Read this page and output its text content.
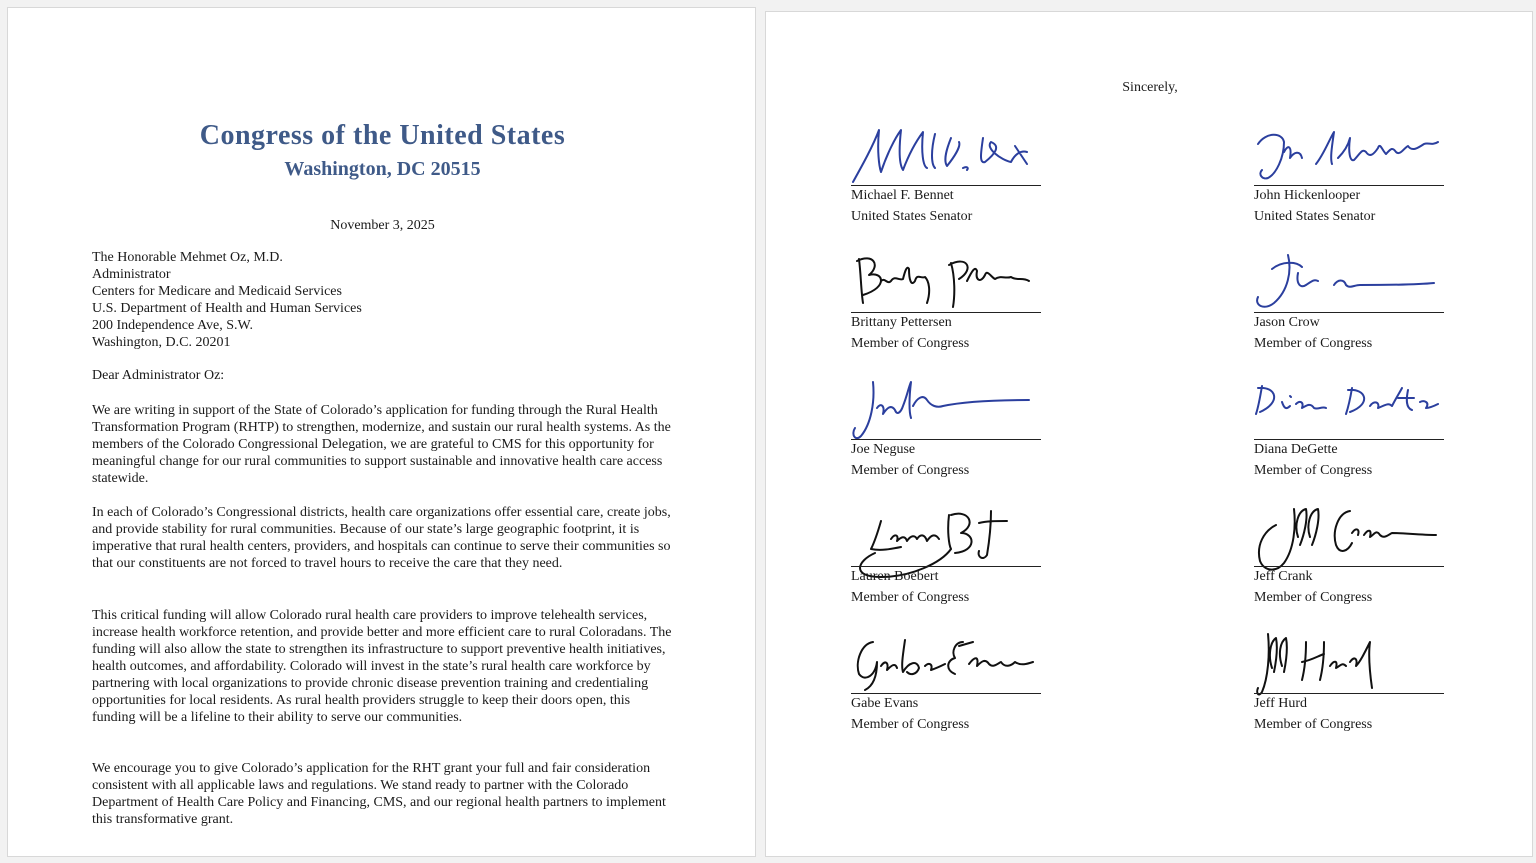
Congress of the United States
Washington, DC 20515
November 3, 2025
The Honorable Mehmet Oz, M.D.
Administrator
Centers for Medicare and Medicaid Services
U.S. Department of Health and Human Services
200 Independence Ave, S.W.
Washington, D.C. 20201
Dear Administrator Oz:

We are writing in support of the State of Colorado’s application for funding through the Rural Health Transformation Program (RHTP) to strengthen, modernize, and sustain our rural health systems. As the members of the Colorado Congressional Delegation, we are grateful to CMS for this opportunity for meaningful change for our rural communities to support sustainable and innovative health care access statewide.

In each of Colorado’s Congressional districts, health care organizations offer essential care, create jobs, and provide stability for rural communities. Because of our state’s large geographic footprint, it is imperative that rural health centers, providers, and hospitals can continue to serve their communities so that our constituents are not forced to travel hours to receive the care that they need.

This critical funding will allow Colorado rural health care providers to improve telehealth services, increase health workforce retention, and provide better and more efficient care to rural Coloradans. The funding will also allow the state to strengthen its infrastructure to support preventive health initiatives, health outcomes, and affordability. Colorado will invest in the state’s rural health care workforce by partnering with local organizations to provide chronic disease prevention training and credentialing opportunities for local residents. As rural health providers struggle to keep their doors open, this funding will be a lifeline to their ability to serve our communities.

We encourage you to give Colorado’s application for the RHT grant your full and fair consideration consistent with all applicable laws and regulations. We stand ready to partner with the Colorado Department of Health Care Policy and Financing, CMS, and our regional health partners to implement this transformative grant.

Sincerely,
Michael F. Bennet
United States Senator
John Hickenlooper
United States Senator
Brittany Pettersen
Member of Congress
Jason Crow
Member of Congress
Joe Neguse
Member of Congress
Diana DeGette
Member of Congress
Lauren Boebert
Member of Congress
Jeff Crank
Member of Congress
Gabe Evans
Member of Congress
Jeff Hurd
Member of Congress
